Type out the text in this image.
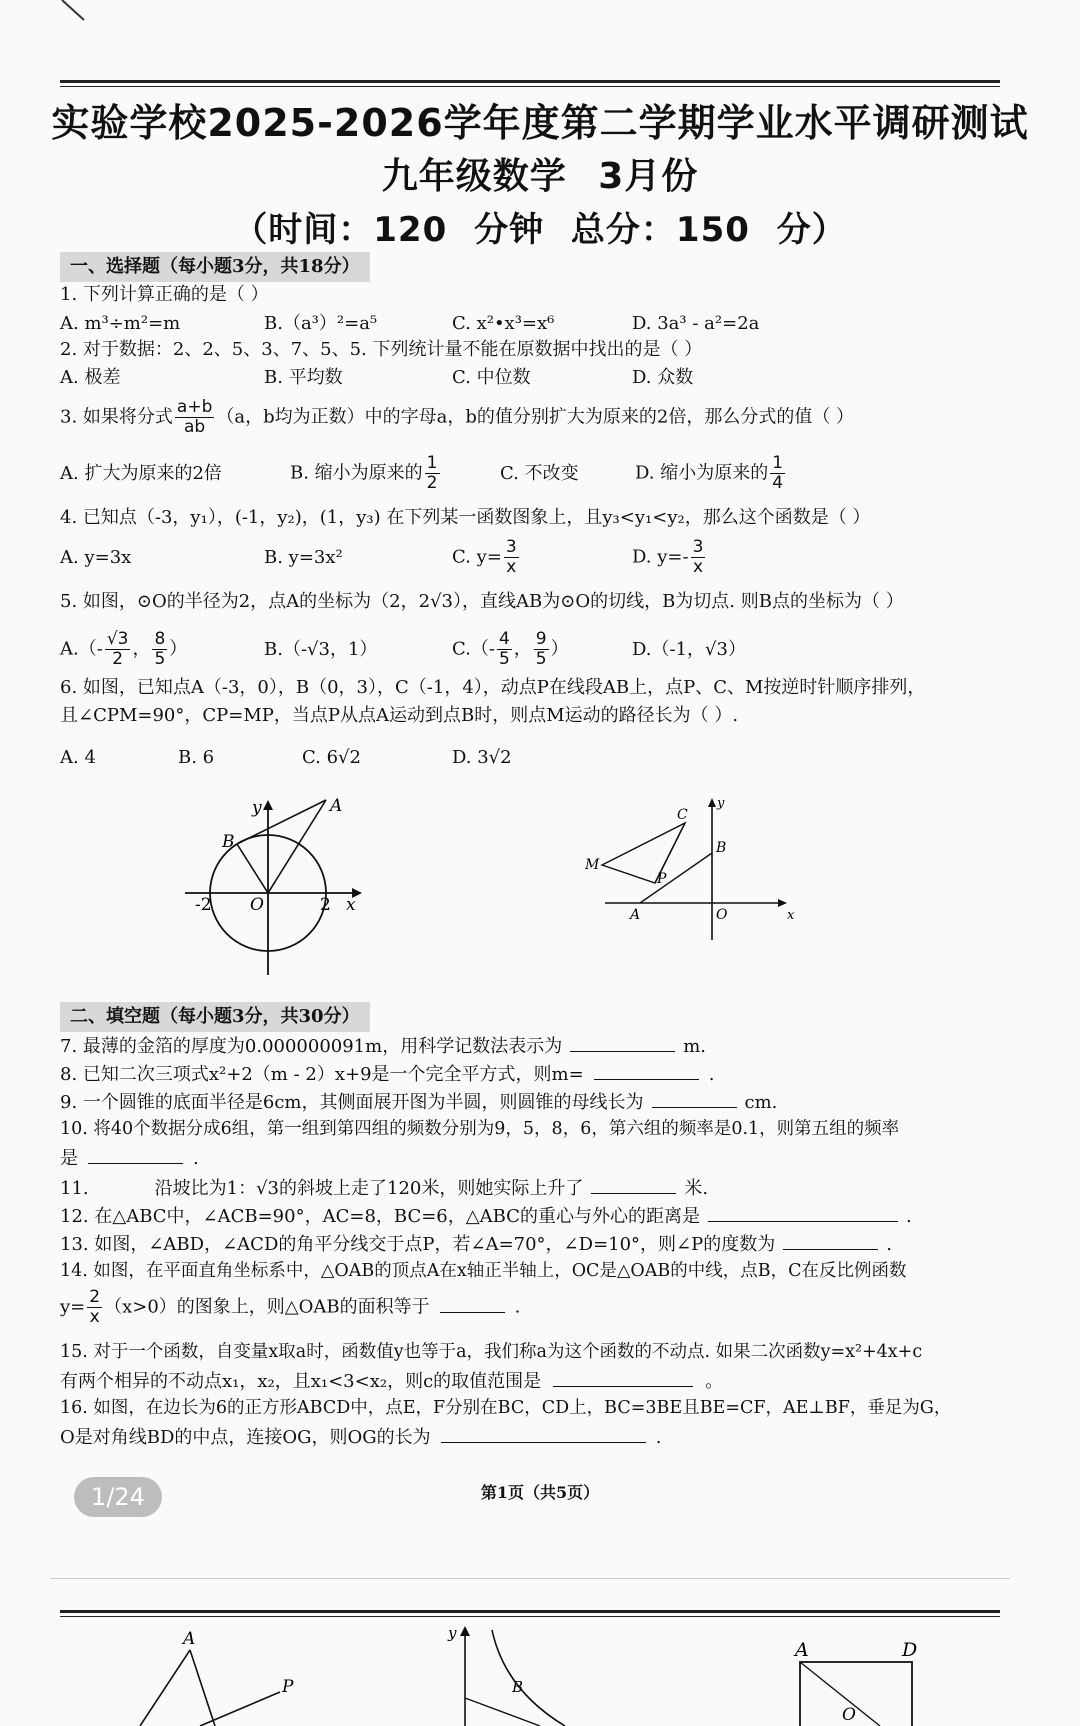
实验学校2025-2026学年度第二学期学业水平调研测试
九年级数学 3月份
（时间：120 分钟 总分：150 分）
一、选择题（每小题3分，共18分）
1. 下列计算正确的是（ ）
A. m³÷m²=m	B.（a³）²=a⁵	C. x²•x³=x⁶	D. 3a³ - a²=2a
2. 对于数据：2、2、5、3、7、5、5. 下列统计量不能在原数据中找出的是（ ）
A. 极差	B. 平均数	C. 中位数	D. 众数
3. 如果将分式 $\frac{a+b}{ab} (a$，b均为正数）中的字母a，b的值分别扩大为原来的2倍，那么分式的值（ ）
A. 扩大为原来的2倍	B. 缩小为原来的 $\frac{1}{2}$	C. 不改变	D. 缩小为原来的 $\frac{1}{4}$
4. 已知点（-3，y₁），(-1，y₂)，(1，y₃) 在下列某一函数图象上，且y₃<y₁<y₂，那么这个函数是（ ）
A. y=3x	B. y=3x²	C. $y= \frac{3}{x}$	D. $y=- \frac{3}{x}$
5. 如图，⊙O的半径为2，点A的坐标为（2，2√3），直线AB为⊙O的切线，B为切点. 则B点的坐标为（ ）
$A.(- \frac{√3}{2}$ ， $\frac{8}{5}$ ）	B.（-√3，1）	$C.(- \frac{4}{5}$ ， $\frac{9}{5}$ ）	D.（-1，√3）
6. 如图，已知点A（-3，0），B（0，3），C（-1，4），动点P在线段AB上，点P、C、M按逆时针顺序排列，
且∠CPM=90°，CP=MP，当点P从点A运动到点B时，则点M运动的路径长为（ ）.
A. 4	B. 6	C. 6√2	D. 3√2
y	A
B
O
-2	2 x
y
C
B
M
P
A	O	x
二、填空题（每小题3分，共30分）
7. 最薄的金箔的厚度为0.000000091m，用科学记数法表示为	m.
8. 已知二次三项式x²+2（m - 2）x+9是一个完全平方式，则m=	.
9. 一个圆锥的底面半径是6cm，其侧面展开图为半圆，则圆锥的母线长为	cm.
10. 将40个数据分成6组，第一组到第四组的频数分别为9，5，8，6，第六组的频率是0.1，则第五组的频率
是	.
11.	沿坡比为1：√3的斜坡上走了120米，则她实际上升了	米.
12. 在△ABC中，∠ACB=90°，AC=8，BC=6，△ABC的重心与外心的距离是	.
13. 如图，∠ABD，∠ACD的角平分线交于点P，若∠A=70°，∠D=10°，则∠P的度数为	.
14. 如图，在平面直角坐标系中，△OAB的顶点A在x轴正半轴上，OC是△OAB的中线，点B，C在反比例函数
$y= \frac{2}{x} (x>0)$的图象上，则△OAB的面积等于	.
15. 对于一个函数，自变量x取a时，函数值y也等于a，我们称a为这个函数的不动点. 如果二次函数y=x²+4x+c
有两个相异的不动点x₁，x₂，且x₁<3<x₂，则c的取值范围是	。
16. 如图，在边长为6的正方形ABCD中，点E，F分别在BC，CD上，BC=3BE且BE=CF，AE⊥BF，垂足为G，
O是对角线BD的中点，连接OG，则OG的长为	.
1/24	第1页（共5页）
A
P
y
B
A	D
O
